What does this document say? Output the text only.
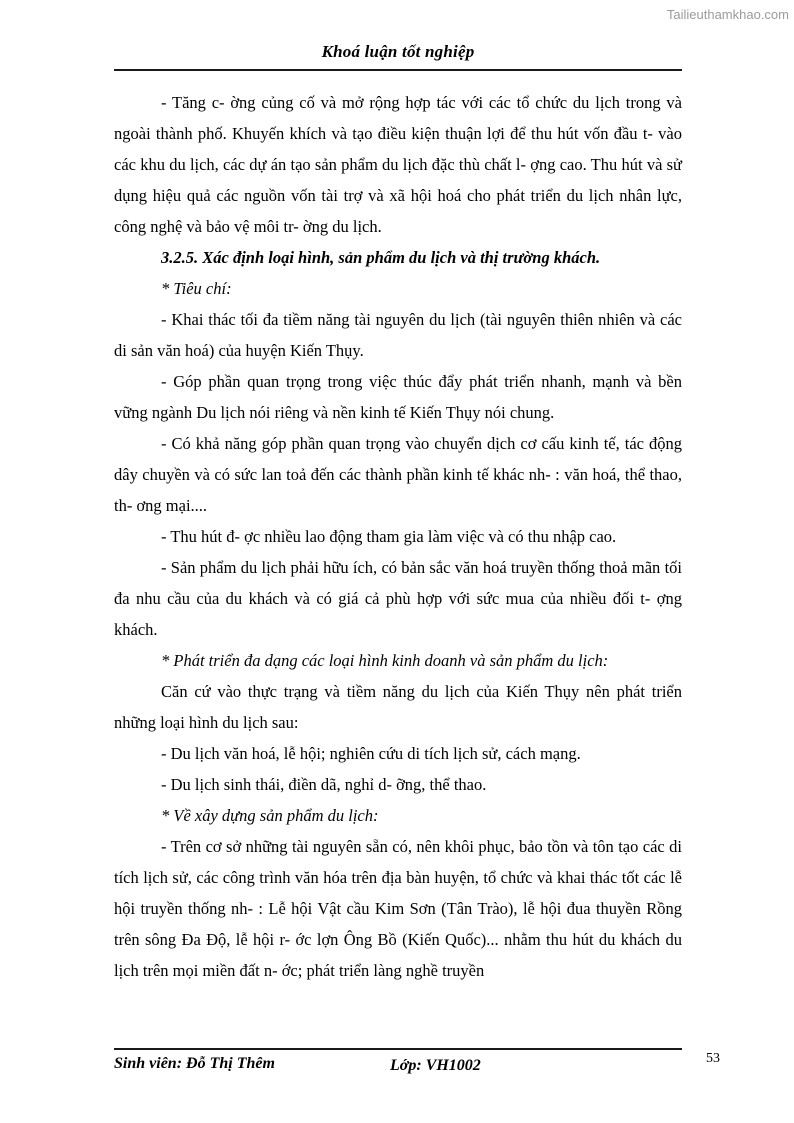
Tailieuthamkhao.com
Khoá luận tốt nghiệp

- Tăng c- ờng củng cố và mở rộng hợp tác với các tổ chức du lịch trong và ngoài thành phố. Khuyến khích và tạo điều kiện thuận lợi để thu hút vốn đầu t- vào các khu du lịch, các dự án tạo sản phẩm du lịch đặc thù chất l- ợng cao. Thu hút và sử dụng hiệu quả các nguồn vốn tài trợ và xã hội hoá cho phát triển du lịch nhân lực, công nghệ và bảo vệ môi tr- ờng du lịch.

3.2.5. Xác định loại hình, sản phẩm du lịch và thị trường khách.

* Tiêu chí:

- Khai thác tối đa tiềm năng tài nguyên du lịch (tài nguyên thiên nhiên và các di sản văn hoá) của huyện Kiến Thụy.

- Góp phần quan trọng trong việc thúc đẩy phát triển nhanh, mạnh và bền vững ngành Du lịch nói riêng và nền kinh tế Kiến Thụy nói chung.

- Có khả năng góp phần quan trọng vào chuyển dịch cơ cấu kinh tế, tác động dây chuyền và có sức lan toả đến các thành phần kinh tế khác nh- : văn hoá, thể thao, th- ơng mại....

- Thu hút đ- ợc nhiều lao động tham gia làm việc và có thu nhập cao.

- Sản phẩm du lịch phải hữu ích, có bản sắc văn hoá truyền thống thoả mãn tối đa nhu cầu của du khách và có giá cả phù hợp với sức mua của nhiều đối t- ợng khách.

* Phát triển đa dạng các loại hình kinh doanh và sản phẩm du lịch:

Căn cứ vào thực trạng và tiềm năng du lịch của Kiến Thụy nên phát triển những loại hình du lịch sau:

- Du lịch văn hoá, lễ hội; nghiên cứu di tích lịch sử, cách mạng.

- Du lịch sinh thái, điền dã, nghỉ d- ỡng, thể thao.

* Về xây dựng sản phẩm du lịch:

- Trên cơ sở những tài nguyên sẵn có, nên khôi phục, bảo tồn và tôn tạo các di tích lịch sử, các công trình văn hóa trên địa bàn huyện, tổ chức và khai thác tốt các lễ hội truyền thống nh- : Lễ hội Vật cầu Kim Sơn (Tân Trào), lễ hội đua thuyền Rồng trên sông Đa Độ, lễ hội r- ớc lợn Ông Bồ (Kiến Quốc)... nhằm thu hút du khách du lịch trên mọi miền đất n- ớc; phát triển làng nghề truyền

Sinh viên: Đỗ Thị Thêm	Lớp: VH1002	53
